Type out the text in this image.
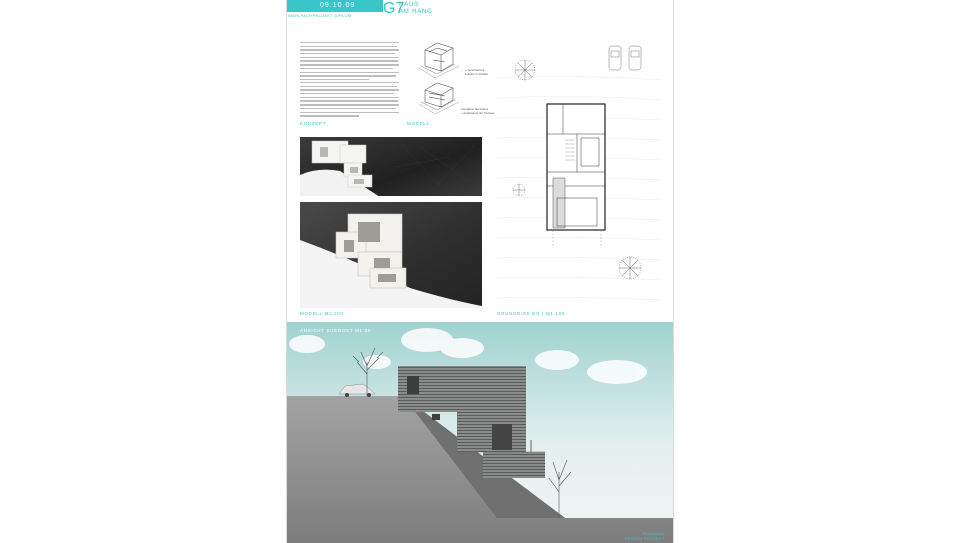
09.10.09
WAHLFACHPROJEKT DIPLOM G7
HAUS
AM HANG
+ Verschiebung
Kubatur in Vertikal
Interaktion des Kubus
+ Auskragung der Terrasse
KONZEPT	MODELL
MODELL M1:200	GRUNDRISS EG | M1:100
ANSICHT SUEDOST M1:50
PLANUNG
DESIGN PROJEKT
